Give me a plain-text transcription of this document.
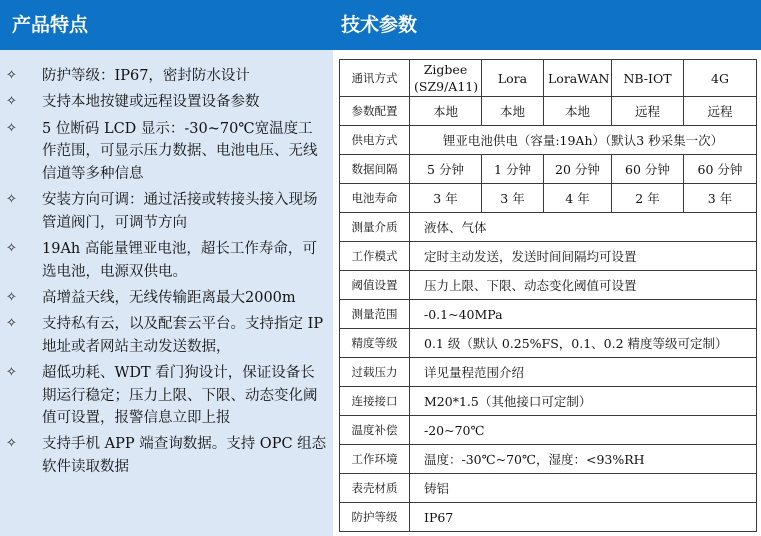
产品特点
✧	防护等级：IP67，密封防水设计
✧	支持本地按键或远程设置设备参数
✧	5 位断码 LCD 显示：-30~70℃宽温度工作范围，可显示压力数据、电池电压、无线信道等多种信息
✧	安装方向可调：通过活接或转接头接入现场管道阀门，可调节方向
✧	19Ah 高能量锂亚电池，超长工作寿命，可选电池，电源双供电。
✧	高增益天线，无线传输距离最大2000m
✧	支持私有云，以及配套云平台。支持指定 IP 地址或者网站主动发送数据，
✧	超低功耗、WDT 看门狗设计，保证设备长期运行稳定；压力上限、下限、动态变化阈值可设置，报警信息立即上报
✧	支持手机 APP 端查询数据。支持 OPC 组态软件读取数据
技术参数
通讯方式	Zigbee (SZ9/A11)	Lora	LoraWAN	NB-IOT	4G
参数配置	本地	本地	本地	远程	远程
供电方式	锂亚电池供电（容量:19Ah）（默认3 秒采集一次）				
数据间隔	5 分钟	1 分钟	20 分钟	60 分钟	60 分钟
电池寿命	3 年	3 年	4 年	2 年	3 年
测量介质	液体、气体				
工作模式	定时主动发送，发送时间间隔均可设置				
阈值设置	压力上限、下限、动态变化阈值可设置				
测量范围	-0.1~40MPa				
精度等级	0.1 级（默认 0.25%FS，0.1、0.2 精度等级可定制）				
过载压力	详见量程范围介绍				
连接接口	M20*1.5（其他接口可定制）				
温度补偿	-20~70℃				
工作环境	温度：-30℃~70℃，湿度：<93%RH				
表壳材质	铸铝				
防护等级	IP67				
